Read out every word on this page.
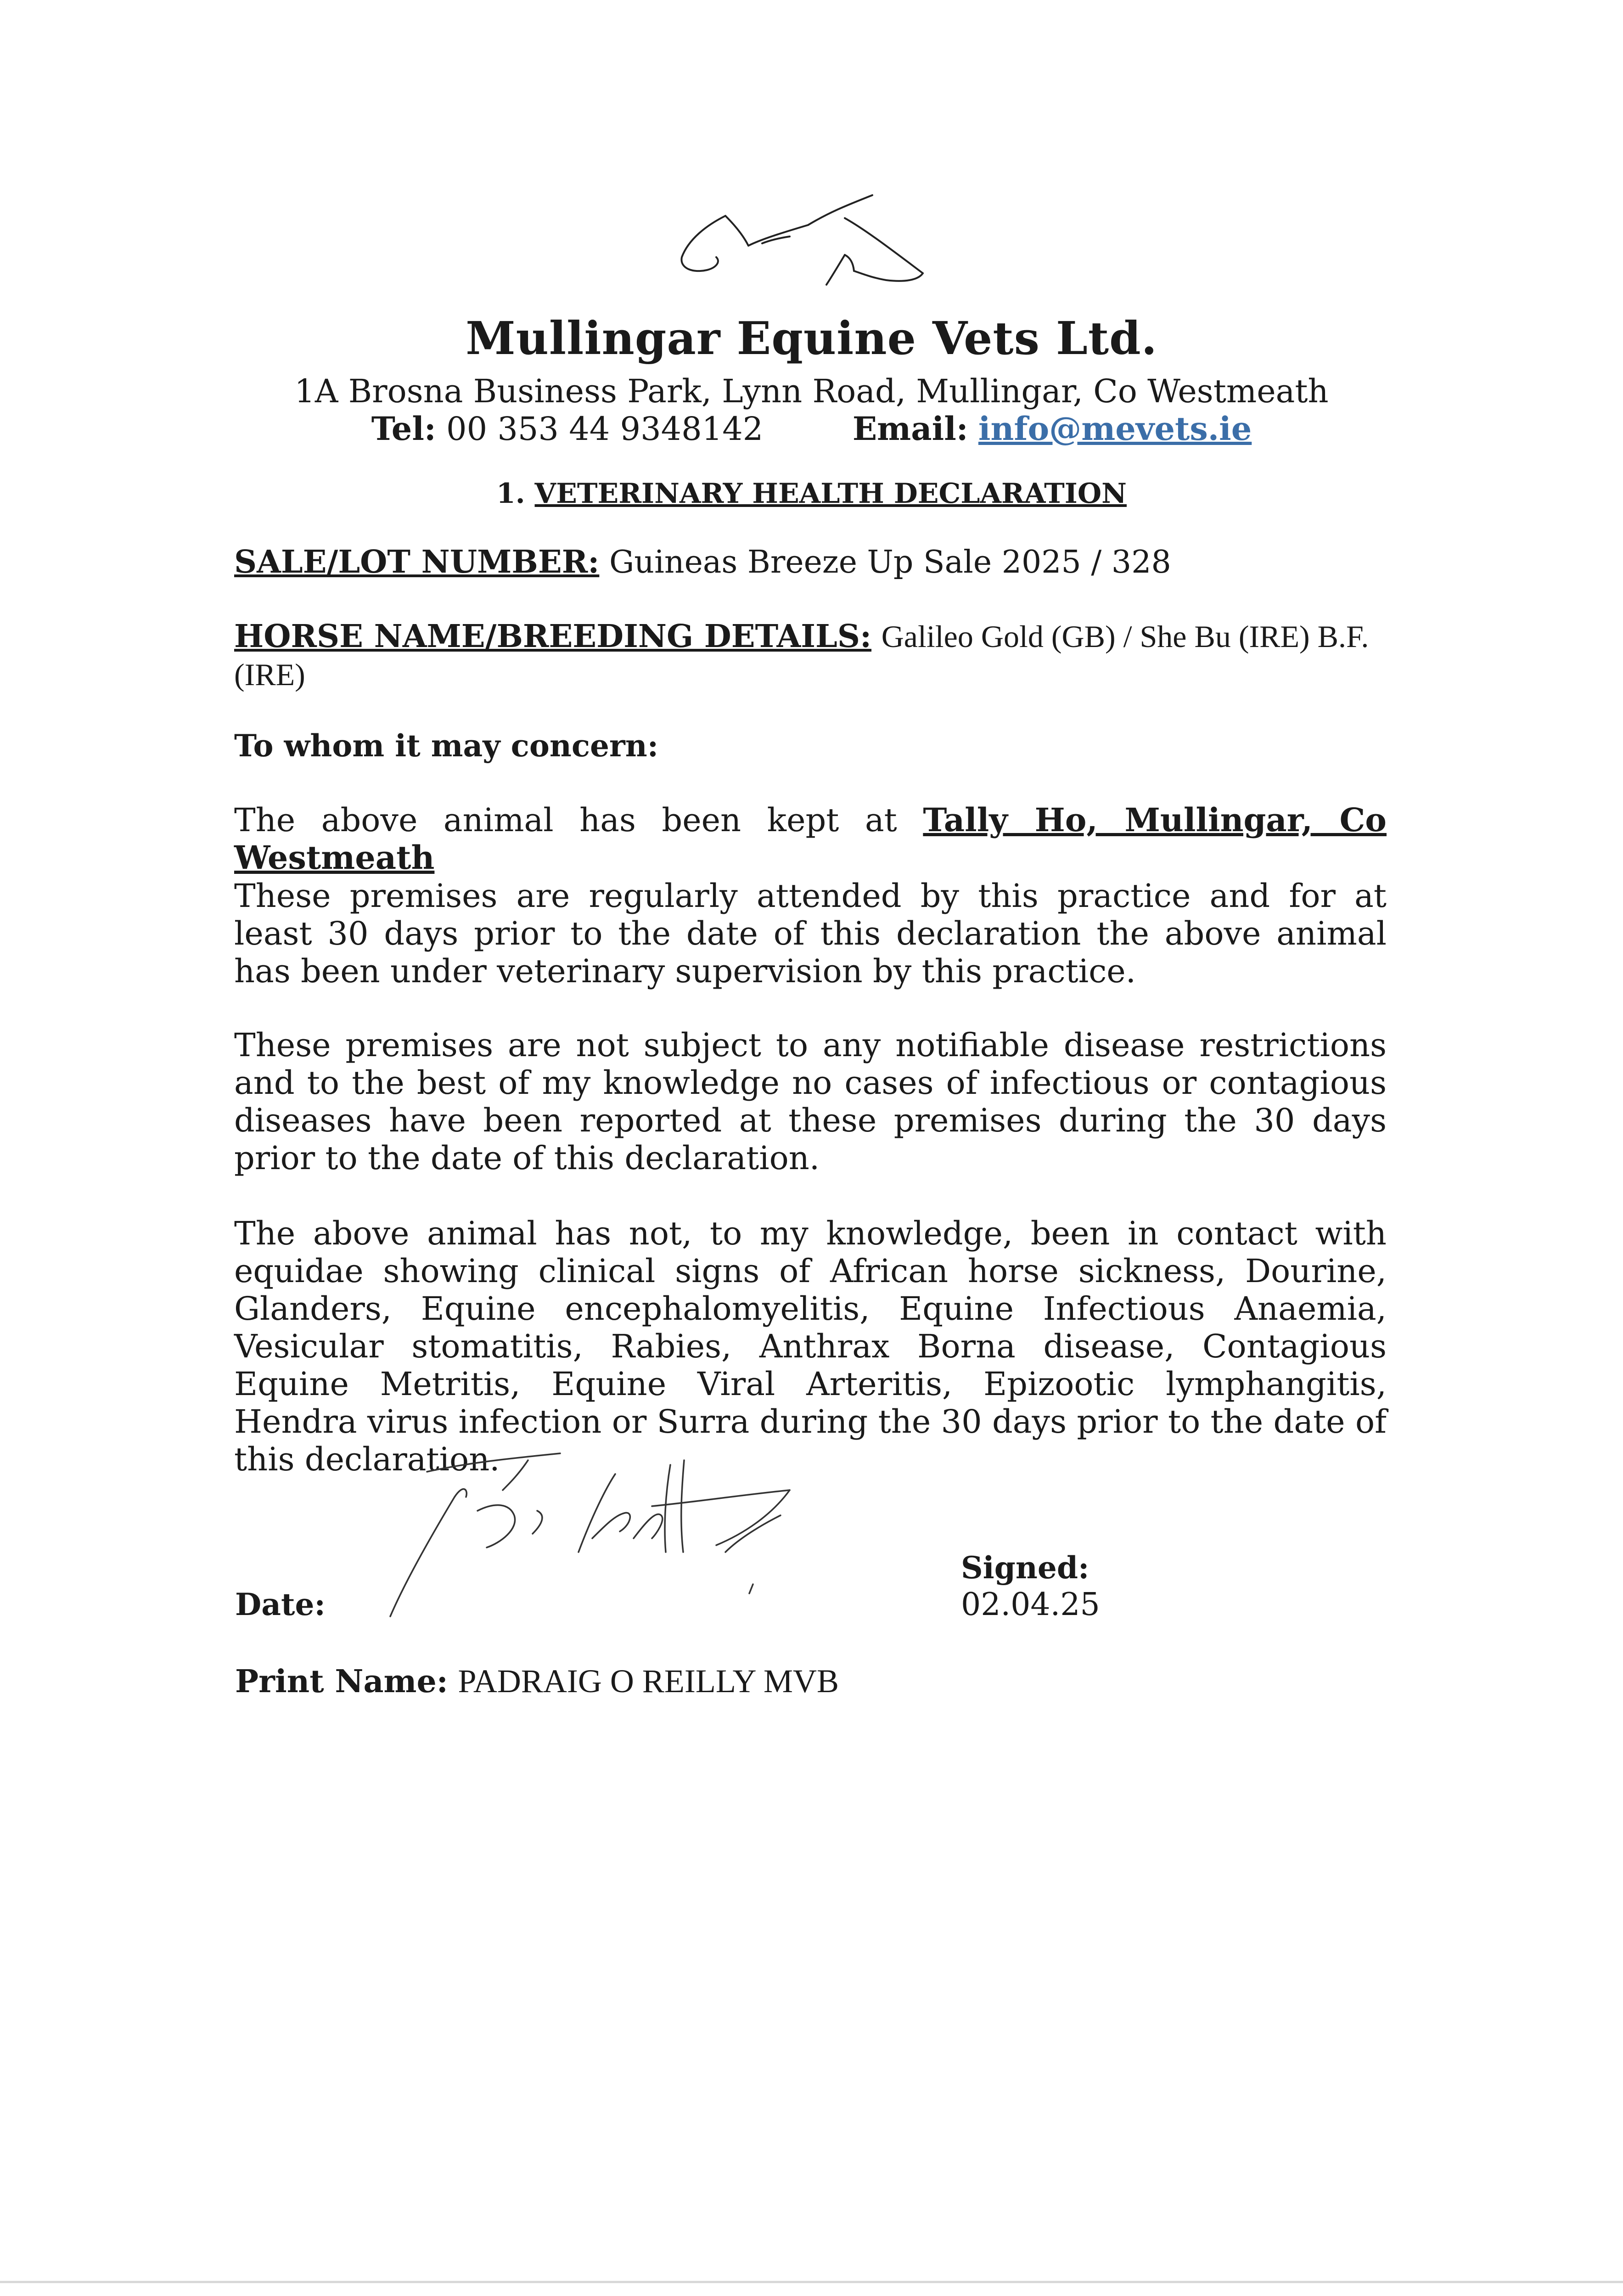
Mullingar Equine Vets Ltd.
1A Brosna Business Park, Lynn Road, Mullingar, Co Westmeath
Tel: 00 353 44 9348142	Email: info@mevets.ie
1. VETERINARY HEALTH DECLARATION
SALE/LOT NUMBER: Guineas Breeze Up Sale 2025 / 328
HORSE NAME/BREEDING DETAILS: Galileo Gold (GB) / She Bu (IRE) B.F. (IRE)
To whom it may concern:
The above animal has been kept at Tally Ho, Mullingar, Co Westmeath
These premises are regularly attended by this practice and for at least 30 days prior to the date of this declaration the above animal has been under veterinary supervision by this practice.
These premises are not subject to any notifiable disease restrictions and to the best of my knowledge no cases of infectious or contagious diseases have been reported at these premises during the 30 days prior to the date of this declaration.
The above animal has not, to my knowledge, been in contact with equidae showing clinical signs of African horse sickness, Dourine, Glanders, Equine encephalomyelitis, Equine Infectious Anaemia, Vesicular stomatitis, Rabies, Anthrax Borna disease, Contagious Equine Metritis, Equine Viral Arteritis, Epizootic lymphangitis, Hendra virus infection or Surra during the 30 days prior to the date of this declaration.
Date:
Signed:
02.04.25
Print Name: PADRAIG O REILLY MVB
